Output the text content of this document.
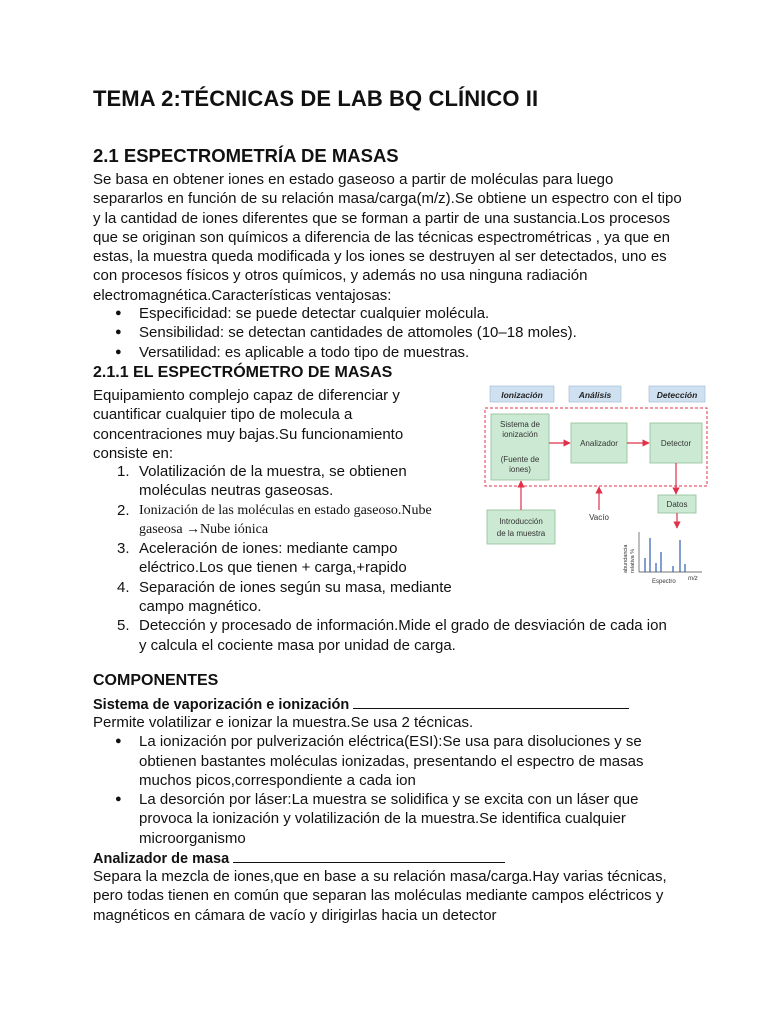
TEMA 2:TÉCNICAS DE LAB BQ CLÍNICO II
2.1 ESPECTROMETRÍA DE MASAS

Se basa en obtener iones en estado gaseoso a partir de moléculas para luego separarlos en función de su relación masa/carga(m/z).Se obtiene un espectro con el tipo y la cantidad de iones diferentes que se forman a partir de una sustancia.Los procesos que se originan son químicos a diferencia de las técnicas espectrométricas , ya que en estas, la muestra queda modificada y los iones se destruyen al ser detectados, uno es con procesos físicos y otros químicos, y además no usa ninguna radiación electromagnética.Características ventajosas:

● Especificidad: se puede detectar cualquier molécula.
● Sensibilidad: se detectan cantidades de attomoles (10–18 moles).
● Versatilidad: es aplicable a todo tipo de muestras.
2.1.1 EL ESPECTRÓMETRO DE MASAS

Equipamiento complejo capaz de diferenciar y cuantificar cualquier tipo de molecula a concentraciones muy bajas.Su funcionamiento consiste en:

1. Volatilización de la muestra, se obtienen moléculas neutras gaseosas.
2. Ionización de las moléculas en estado gaseoso.Nube gaseosa →Nube iónica
3. Aceleración de iones: mediante campo eléctrico.Los que tienen + carga,+rapido
4. Separación de iones según su masa, mediante campo magnético.
5. Detección y procesado de información.Mide el grado de desviación de cada ion y calcula el cociente masa por unidad de carga.
COMPONENTES
Sistema de vaporización e ionización

Permite volatilizar e ionizar la muestra.Se usa 2 técnicas.

● La ionización por pulverización eléctrica(ESI):Se usa para disoluciones y se obtienen bastantes moléculas ionizadas, presentando el espectro de masas muchos picos,correspondiente a cada ion
● La desorción por láser:La muestra se solidifica y se excita con un láser que provoca la ionización y volatilización de la muestra.Se identifica cualquier microorganismo
Analizador de masa

Separa la mezcla de iones,que en base a su relación masa/carga.Hay varias técnicas, pero todas tienen en común que separan las moléculas mediante campos eléctricos y magnéticos en cámara de vacío y dirigirlas hacia un detector

Ionización	Análisis	Detección
Sistema de
ionización
(Fuente de
iones)
Analizador	Detector
Datos
Introducción
de la muestra
Vacío
abundancia relativa %
Espectro m/z
